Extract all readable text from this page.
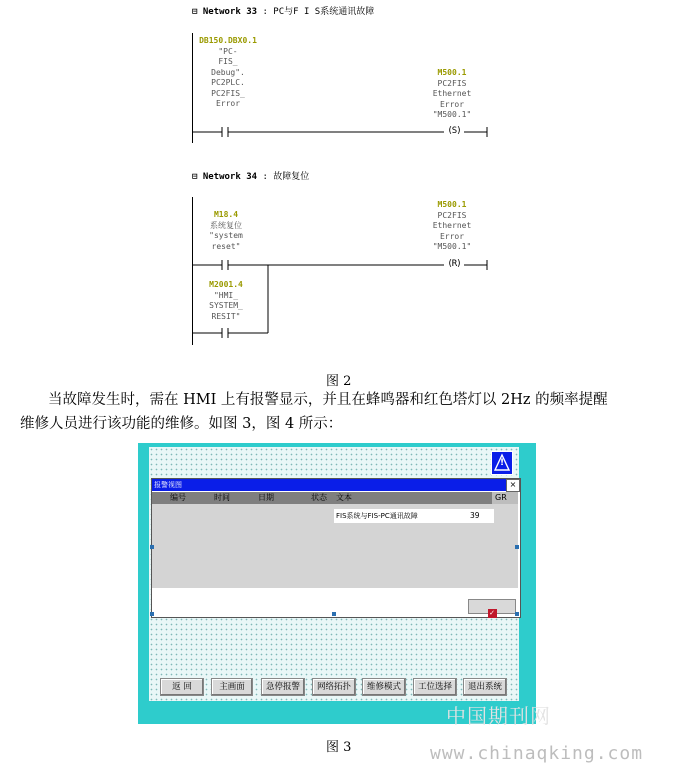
⊟ Network 33 : PC与F I S系统通讯故障
DB150.DBX0.1
"PC-
FIS_
Debug".
PC2PLC.
PC2FIS_
Error
(S)
M500.1
PC2FIS
Ethernet
Error
"M500.1"
⊟ Network 34 : 故障复位
M18.4
系统复位
"system
reset"
M2001.4
"HMI_
SYSTEM_
RESIT"
(R)
M500.1
PC2FIS
Ethernet
Error
"M500.1"
图 2
当故障发生时，需在 HMI 上有报警显示，并且在蜂鸣器和红色塔灯以 2Hz 的频率提醒
维修人员进行该功能的维修。如图 3，图 4 所示：
!
报警视图	×
编号	时间	日期	状态 文本	GR
FIS系统与FIS-PC通讯故障	39
✓
返 回	主画面	急停报警	网络拓扑	维修模式	工位选择	退出系统
中国期刊网
图 3	www.chinaqking.com
